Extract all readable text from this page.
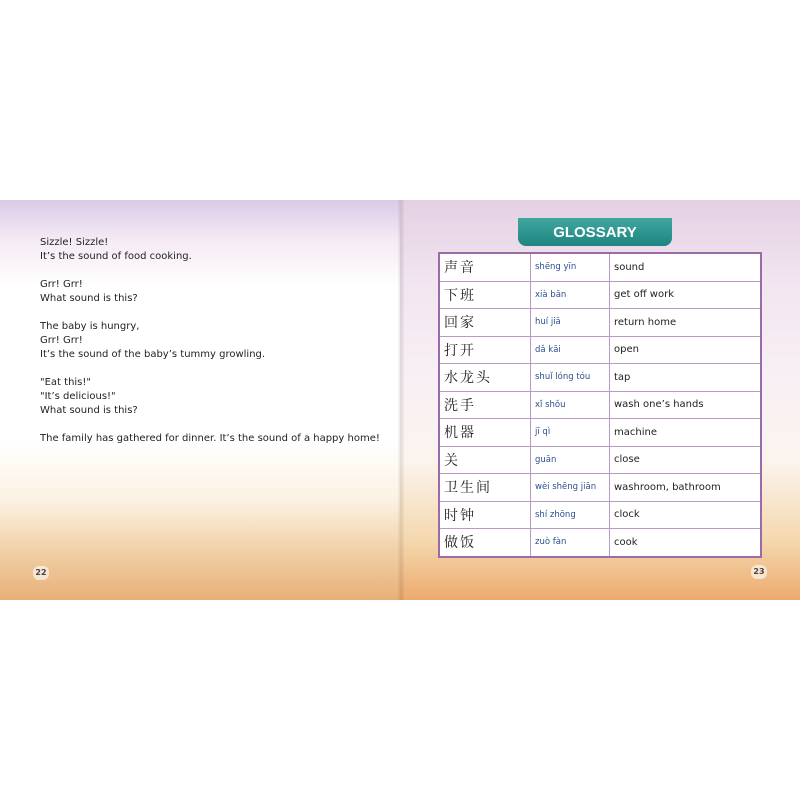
Sizzle! Sizzle!
It’s the sound of food cooking.

Grr! Grr!
What sound is this?

The baby is hungry,
Grr! Grr!
It’s the sound of the baby’s tummy growling.

"Eat this!"
"It’s delicious!"
What sound is this?

The family has gathered for dinner. It’s the sound of a happy home!

22
GLOSSARY
声音	shēng yīn	sound
下班	xià bān	get off work
回家	huí jiā	return home
打开	dǎ kāi	open
水龙头	shuǐ lóng tóu	tap
洗手	xǐ shǒu	wash one’s hands
机器	jī qì	machine
关	guān	close
卫生间	wèi shēng jiān	washroom, bathroom
时钟	shí zhōng	clock
做饭	zuò fàn	cook
23
